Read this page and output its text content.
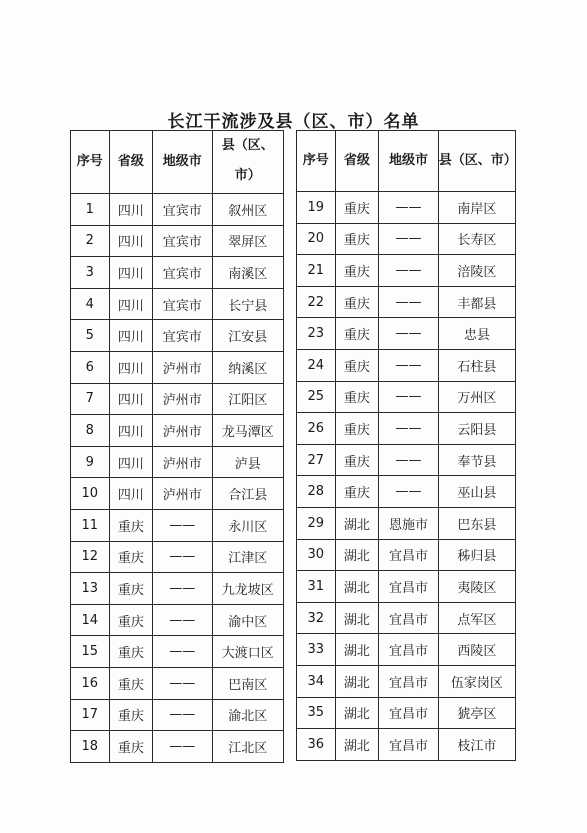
长江干流涉及县（区、市）名单
序号	省级	地级市	县（区、市）
1	四川	宜宾市	叙州区
2	四川	宜宾市	翠屏区
3	四川	宜宾市	南溪区
4	四川	宜宾市	长宁县
5	四川	宜宾市	江安县
6	四川	泸州市	纳溪区
7	四川	泸州市	江阳区
8	四川	泸州市	龙马潭区
9	四川	泸州市	泸县
10	四川	泸州市	合江县
11	重庆	——	永川区
12	重庆	——	江津区
13	重庆	——	九龙坡区
14	重庆	——	渝中区
15	重庆	——	大渡口区
16	重庆	——	巴南区
17	重庆	——	渝北区
18	重庆	——	江北区
序号	省级	地级市	县（区、市）
19	重庆	——	南岸区
20	重庆	——	长寿区
21	重庆	——	涪陵区
22	重庆	——	丰都县
23	重庆	——	忠县
24	重庆	——	石柱县
25	重庆	——	万州区
26	重庆	——	云阳县
27	重庆	——	奉节县
28	重庆	——	巫山县
29	湖北	恩施市	巴东县
30	湖北	宜昌市	秭归县
31	湖北	宜昌市	夷陵区
32	湖北	宜昌市	点军区
33	湖北	宜昌市	西陵区
34	湖北	宜昌市	伍家岗区
35	湖北	宜昌市	猇亭区
36	湖北	宜昌市	枝江市
